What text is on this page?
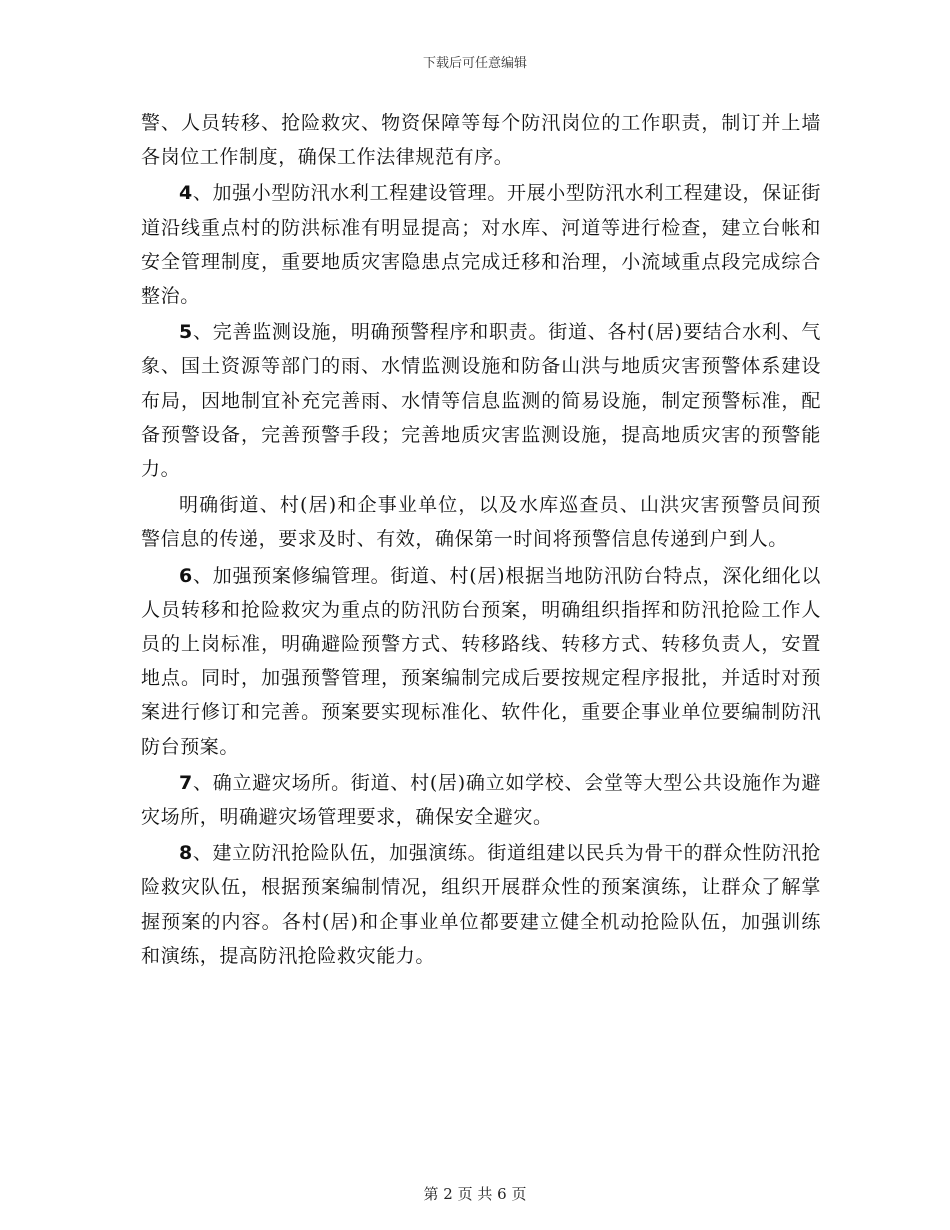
下载后可任意编辑

警、人员转移、抢险救灾、物资保障等每个防汛岗位的工作职责，制订并上墙各岗位工作制度，确保工作法律规范有序。

4、加强小型防汛水利工程建设管理。开展小型防汛水利工程建设，保证街道沿线重点村的防洪标准有明显提高；对水库、河道等进行检查，建立台帐和安全管理制度，重要地质灾害隐患点完成迁移和治理，小流域重点段完成综合整治。

5、完善监测设施，明确预警程序和职责。街道、各村(居)要结合水利、气象、国土资源等部门的雨、水情监测设施和防备山洪与地质灾害预警体系建设布局，因地制宜补充完善雨、水情等信息监测的简易设施，制定预警标准，配备预警设备，完善预警手段；完善地质灾害监测设施，提高地质灾害的预警能力。

明确街道、村(居)和企事业单位，以及水库巡查员、山洪灾害预警员间预警信息的传递，要求及时、有效，确保第一时间将预警信息传递到户到人。

6、加强预案修编管理。街道、村(居)根据当地防汛防台特点，深化细化以人员转移和抢险救灾为重点的防汛防台预案，明确组织指挥和防汛抢险工作人员的上岗标准，明确避险预警方式、转移路线、转移方式、转移负责人，安置地点。同时，加强预警管理，预案编制完成后要按规定程序报批，并适时对预案进行修订和完善。预案要实现标准化、软件化，重要企事业单位要编制防汛防台预案。

7、确立避灾场所。街道、村(居)确立如学校、会堂等大型公共设施作为避灾场所，明确避灾场管理要求，确保安全避灾。

8、建立防汛抢险队伍，加强演练。街道组建以民兵为骨干的群众性防汛抢险救灾队伍，根据预案编制情况，组织开展群众性的预案演练，让群众了解掌握预案的内容。各村(居)和企事业单位都要建立健全机动抢险队伍，加强训练和演练，提高防汛抢险救灾能力。

第 2 页 共 6 页
